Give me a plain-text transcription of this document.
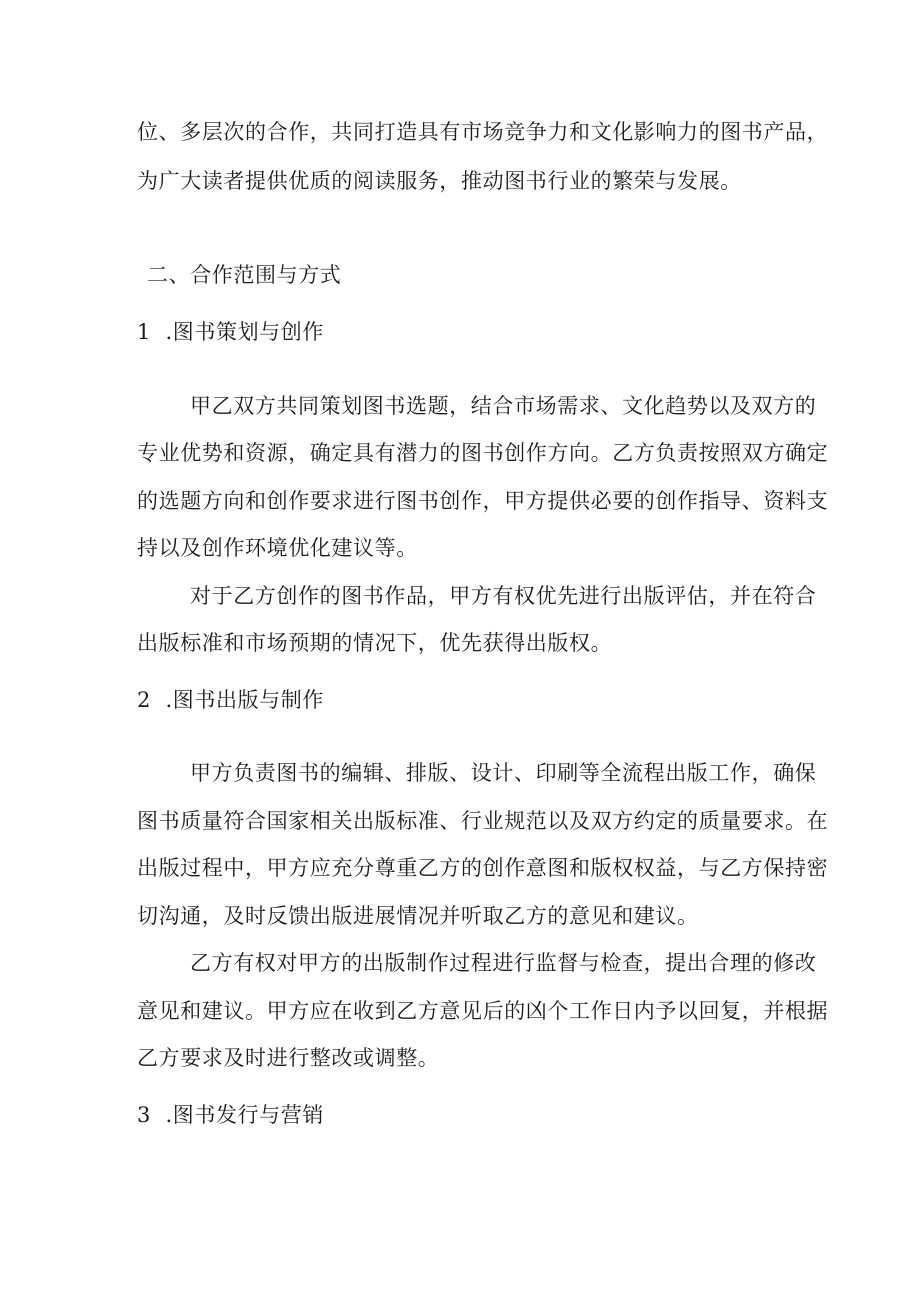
位、多层次的合作，共同打造具有市场竞争力和文化影响力的图书产品，
为广大读者提供优质的阅读服务，推动图书行业的繁荣与发展。
二、合作范围与方式
1  .图书策划与创作
甲乙双方共同策划图书选题，结合市场需求、文化趋势以及双方的
专业优势和资源，确定具有潜力的图书创作方向。乙方负责按照双方确定
的选题方向和创作要求进行图书创作，甲方提供必要的创作指导、资料支
持以及创作环境优化建议等。
对于乙方创作的图书作品，甲方有权优先进行出版评估，并在符合
出版标准和市场预期的情况下，优先获得出版权。
2  .图书出版与制作
甲方负责图书的编辑、排版、设计、印刷等全流程出版工作，确保
图书质量符合国家相关出版标准、行业规范以及双方约定的质量要求。在
出版过程中，甲方应充分尊重乙方的创作意图和版权权益，与乙方保持密
切沟通，及时反馈出版进展情况并听取乙方的意见和建议。
乙方有权对甲方的出版制作过程进行监督与检查，提出合理的修改
意见和建议。甲方应在收到乙方意见后的凶个工作日内予以回复，并根据
乙方要求及时进行整改或调整。
3  .图书发行与营销
